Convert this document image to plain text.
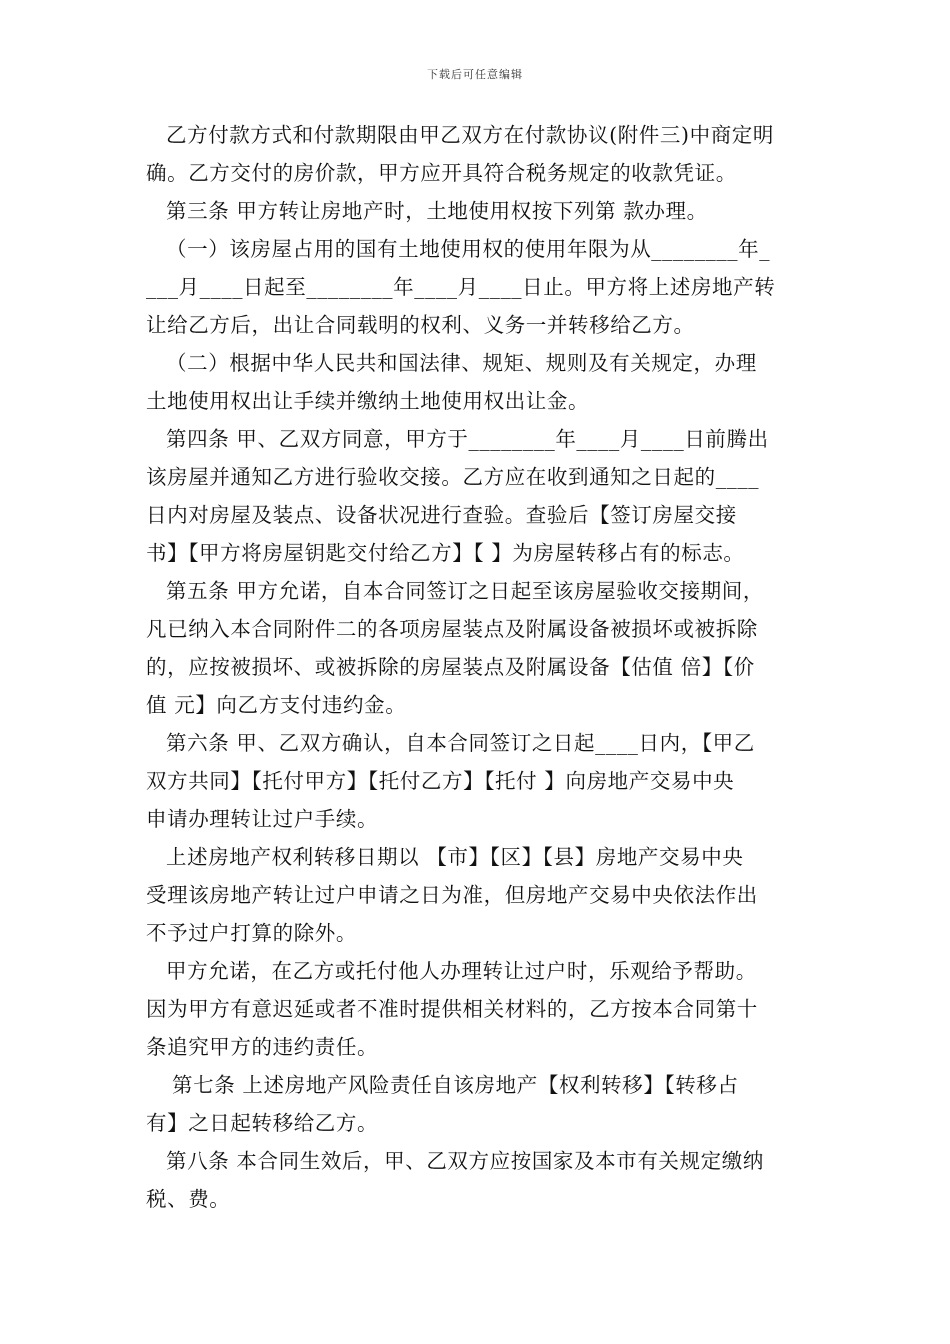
下载后可任意编辑
乙方付款方式和付款期限由甲乙双方在付款协议(附件三)中商定明
确。乙方交付的房价款，甲方应开具符合税务规定的收款凭证。
第三条 甲方转让房地产时，土地使用权按下列第 款办理。
（一）该房屋占用的国有土地使用权的使用年限为从________年_
___月____日起至________年____月____日止。甲方将上述房地产转
让给乙方后，出让合同载明的权利、义务一并转移给乙方。
（二）根据中华人民共和国法律、规矩、规则及有关规定，办理
土地使用权出让手续并缴纳土地使用权出让金。
第四条 甲、乙双方同意，甲方于________年____月____日前腾出
该房屋并通知乙方进行验收交接。乙方应在收到通知之日起的____
日内对房屋及装点、设备状况进行查验。查验后【签订房屋交接
书】【甲方将房屋钥匙交付给乙方】【 】为房屋转移占有的标志。
第五条 甲方允诺，自本合同签订之日起至该房屋验收交接期间，
凡已纳入本合同附件二的各项房屋装点及附属设备被损坏或被拆除
的，应按被损坏、或被拆除的房屋装点及附属设备【估值 倍】【价
值 元】向乙方支付违约金。
第六条 甲、乙双方确认，自本合同签订之日起____日内，【甲乙
双方共同】【托付甲方】【托付乙方】【托付 】向房地产交易中央
申请办理转让过户手续。
上述房地产权利转移日期以 【市】【区】【县】房地产交易中央
受理该房地产转让过户申请之日为准，但房地产交易中央依法作出
不予过户打算的除外。
甲方允诺，在乙方或托付他人办理转让过户时，乐观给予帮助。
因为甲方有意迟延或者不准时提供相关材料的，乙方按本合同第十
条追究甲方的违约责任。
第七条 上述房地产风险责任自该房地产【权利转移】【转移占
有】之日起转移给乙方。
第八条 本合同生效后，甲、乙双方应按国家及本市有关规定缴纳
税、费。
